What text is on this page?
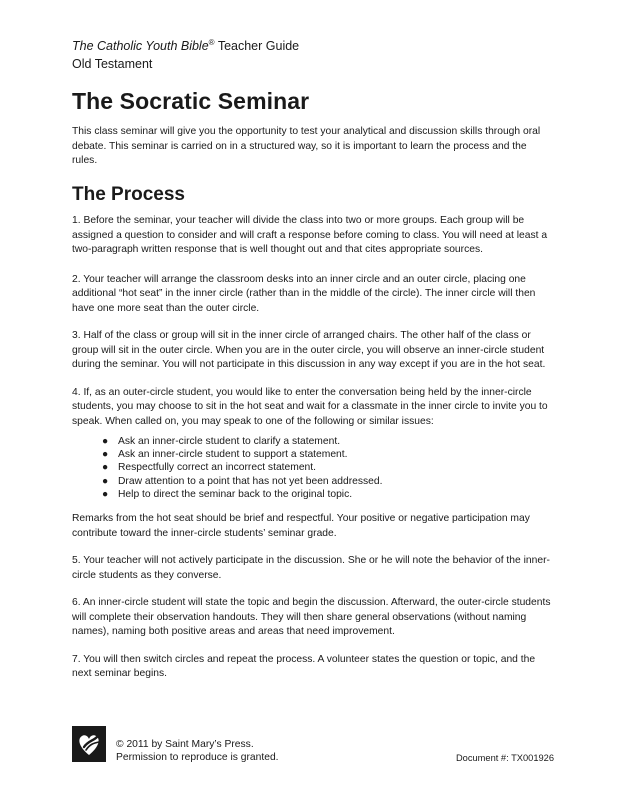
The Catholic Youth Bible® Teacher Guide
Old Testament
The Socratic Seminar

This class seminar will give you the opportunity to test your analytical and discussion skills through oral debate. This seminar is carried on in a structured way, so it is important to learn the process and the rules.

The Process

1. Before the seminar, your teacher will divide the class into two or more groups. Each group will be assigned a question to consider and will craft a response before coming to class. You will need at least a two-paragraph written response that is well thought out and that cites appropriate sources.

2. Your teacher will arrange the classroom desks into an inner circle and an outer circle, placing one additional “hot seat” in the inner circle (rather than in the middle of the circle). The inner circle will then have one more seat than the outer circle.

3. Half of the class or group will sit in the inner circle of arranged chairs. The other half of the class or group will sit in the outer circle. When you are in the outer circle, you will observe an inner-circle student during the seminar. You will not participate in this discussion in any way except if you are in the hot seat.

4. If, as an outer-circle student, you would like to enter the conversation being held by the inner-circle students, you may choose to sit in the hot seat and wait for a classmate in the inner circle to invite you to speak. When called on, you may speak to one of the following or similar issues:

● Ask an inner-circle student to clarify a statement.
● Ask an inner-circle student to support a statement.
● Respectfully correct an incorrect statement.
● Draw attention to a point that has not yet been addressed.
● Help to direct the seminar back to the original topic.

Remarks from the hot seat should be brief and respectful. Your positive or negative participation may contribute toward the inner-circle students’ seminar grade.

5. Your teacher will not actively participate in the discussion. She or he will note the behavior of the inner-circle students as they converse.

6. An inner-circle student will state the topic and begin the discussion. Afterward, the outer-circle students will complete their observation handouts. They will then share general observations (without naming names), naming both positive areas and areas that need improvement.

7. You will then switch circles and repeat the process. A volunteer states the question or topic, and the next seminar begins.

© 2011 by Saint Mary’s Press.
Permission to reproduce is granted.	Document #: TX001926
